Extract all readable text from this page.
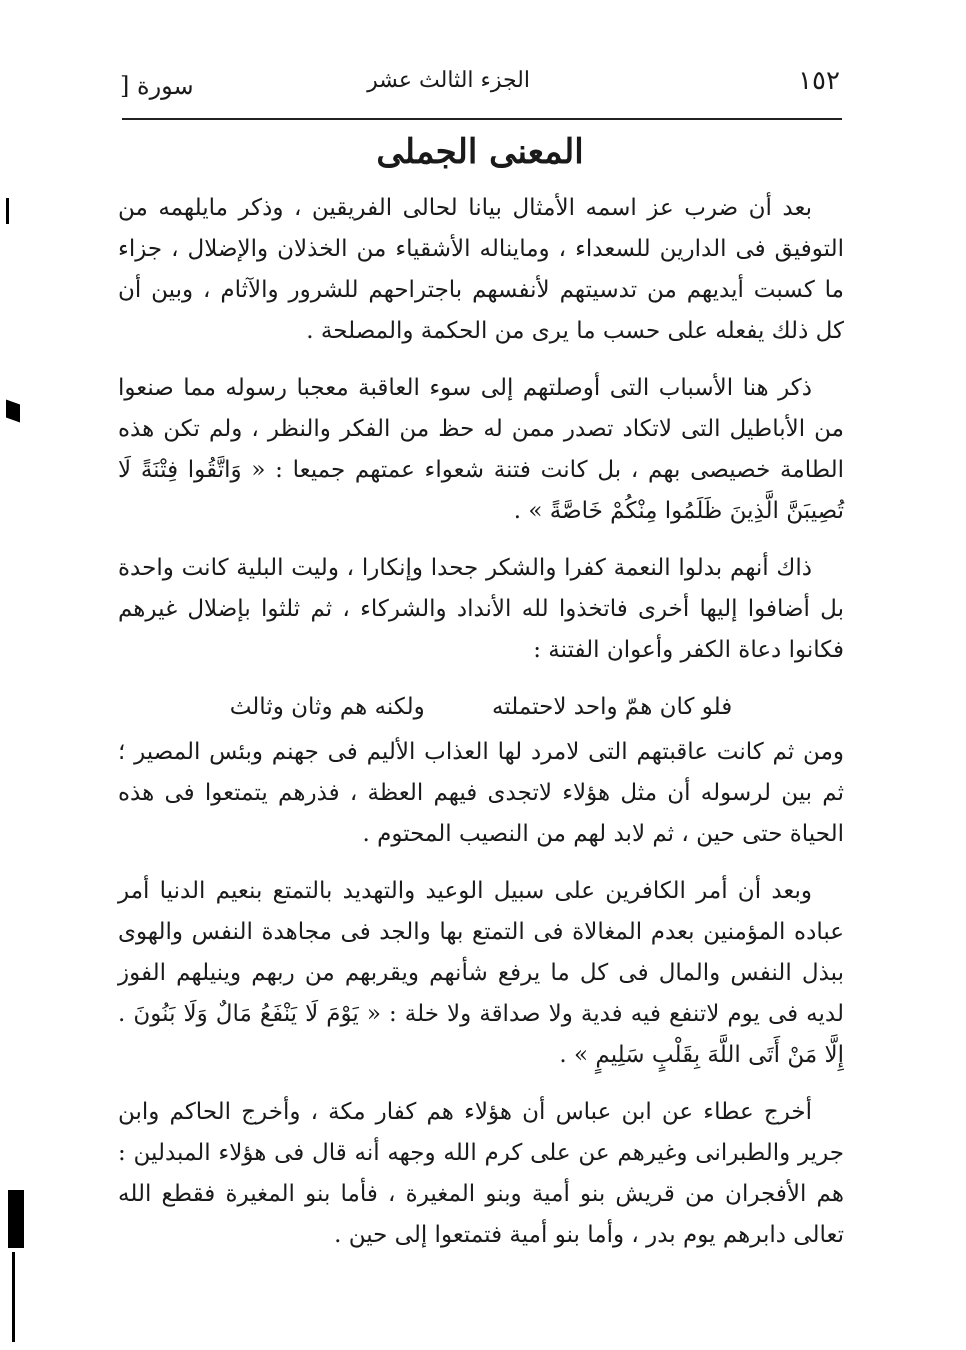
١٥٢
الجزء الثالث عشر
سورة [
المعنى الجملى

بعد أن ضرب عز اسمه الأمثال بيانا لحالى الفريقين ، وذكر مايلهمه من التوفيق فى الدارين للسعداء ، ومايناله الأشقياء من الخذلان والإضلال ، جزاء ما كسبت أيديهم من تدسيتهم لأنفسهم باجتراحهم للشرور والآثام ، وبين أن كل ذلك يفعله على حسب ما يرى من الحكمة والمصلحة .

ذكر هنا الأسباب التى أوصلتهم إلى سوء العاقبة معجبا رسوله مما صنعوا من الأباطيل التى لاتكاد تصدر ممن له حظ من الفكر والنظر ، ولم تكن هذه الطامة خصيصى بهم ، بل كانت فتنة شعواء عمتهم جميعا : « وَاتَّقُوا فِتْنَةً لَا تُصِيبَنَّ الَّذِينَ ظَلَمُوا مِنْكُمْ خَاصَّةً » .

ذاك أنهم بدلوا النعمة كفرا والشكر جحدا وإنكارا ، وليت البلية كانت واحدة بل أضافوا إليها أخرى فاتخذوا لله الأنداد والشركاء ، ثم ثلثوا بإضلال غيرهم فكانوا دعاة الكفر وأعوان الفتنة :

فلو كان همّ واحد لاحتملته ولكنه هم وثان وثالث

ومن ثم كانت عاقبتهم التى لامرد لها العذاب الأليم فى جهنم وبئس المصير ؛ ثم بين لرسوله أن مثل هؤلاء لاتجدى فيهم العظة ، فذرهم يتمتعوا فى هذه الحياة حتى حين ، ثم لابد لهم من النصيب المحتوم .

وبعد أن أمر الكافرين على سبيل الوعيد والتهديد بالتمتع بنعيم الدنيا أمر عباده المؤمنين بعدم المغالاة فى التمتع بها والجد فى مجاهدة النفس والهوى ببذل النفس والمال فى كل ما يرفع شأنهم ويقربهم من ربهم وينيلهم الفوز لديه فى يوم لاتنفع فيه فدية ولا صداقة ولا خلة : « يَوْمَ لَا يَنْفَعُ مَالٌ وَلَا بَنُونَ . إِلَّا مَنْ أَتَى اللَّهَ بِقَلْبٍ سَلِيمٍ » .

أخرج عطاء عن ابن عباس أن هؤلاء هم كفار مكة ، وأخرج الحاكم وابن جرير والطبرانى وغيرهم عن على كرم الله وجهه أنه قال فى هؤلاء المبدلين : هم الأفجران من قريش بنو أمية وبنو المغيرة ، فأما بنو المغيرة فقطع الله تعالى دابرهم يوم بدر ، وأما بنو أمية فتمتعوا إلى حين .
